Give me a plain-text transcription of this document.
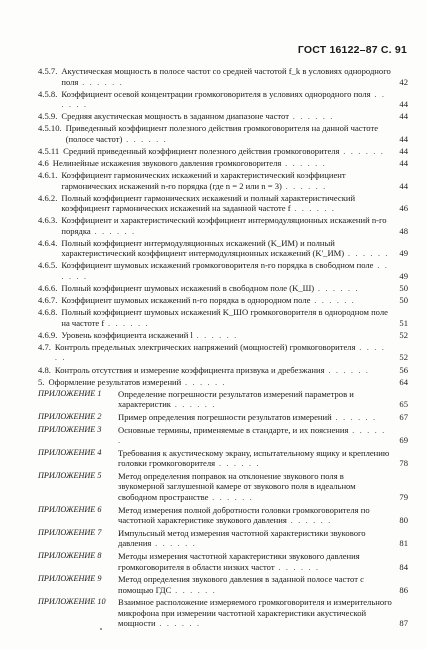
ГОСТ 16122–87 С. 91
4.5.7. Акустическая мощность в полосе частот со средней частотой f_k в условиях однородного поля . . . . . .	42
4.5.8. Коэффициент осевой концентрации громкоговорителя в условиях однородного поля . . . . . .	44
4.5.9. Средняя акустическая мощность в заданном диапазоне частот . . . . . .	44
4.5.10. Приведенный коэффициент полезного действия громкоговорителя на данной частоте (полосе частот) . . . . . .	44
4.5.11 Средний приведенный коэффициент полезного действия громкоговорителя . . . . . .	44
4.6 Нелинейные искажения звукового давления громкоговорителя . . . . . .	44
4.6.1. Коэффициент гармонических искажений и характеристический коэффициент гармонических искажений n-го порядка (где n = 2 или n = 3) . . . . . .	44
4.6.2. Полный коэффициент гармонических искажений и полный характеристический коэффициент гармонических искажений на заданной частоте f . . . . . .	46
4.6.3. Коэффициент и характеристический коэффициент интермодуляционных искажений n-го порядка . . . . . .	48
4.6.4. Полный коэффициент интермодуляционных искажений (K_ИМ) и полный характеристический коэффициент интермодуляционных искажений (K'_ИМ) . . . . . .	49
4.6.5. Коэффициент шумовых искажений громкоговорителя n-го порядка в свободном поле . . . . . .	49
4.6.6. Полный коэффициент шумовых искажений в свободном поле (K_Ш) . . . . . .	50
4.6.7. Коэффициент шумовых искажений n-го порядка в однородном поле . . . . . .	50
4.6.8. Полный коэффициент шумовых искажений K_ШО громкоговорителя в однородном поле на частоте f . . . . . .	51
4.6.9. Уровень коэффициента искажений l . . . . . .	52
4.7. Контроль предельных электрических напряжений (мощностей) громкоговорителя . . . . . .	52
4.8. Контроль отсутствия и измерение коэффициента призвука и дребезжания . . . . . .	56
5. Оформление результатов измерений . . . . . .	64
ПРИЛОЖЕНИЕ 1	Определение погрешности результатов измерений параметров и характеристик . . . . . .	65
ПРИЛОЖЕНИЕ 2	Пример определения погрешности результатов измерений . . . . . .	67
ПРИЛОЖЕНИЕ 3	Основные термины, применяемые в стандарте, и их пояснения . . . . . .	69
ПРИЛОЖЕНИЕ 4	Требования к акустическому экрану, испытательному ящику и креплению головки громкоговорителя . . . . . .	78
ПРИЛОЖЕНИЕ 5	Метод определения поправок на отклонение звукового поля в звукомерной заглушенной камере от звукового поля в идеальном свободном пространстве . . . . . .	79
ПРИЛОЖЕНИЕ 6	Метод измерения полной добротности головки громкоговорителя по частотной характеристике звукового давления . . . . . .	80
ПРИЛОЖЕНИЕ 7	Импульсный метод измерения частотной характеристики звукового давления . . . . . .	81
ПРИЛОЖЕНИЕ 8	Методы измерения частотной характеристики звукового давления громкоговорителя в области низких частот . . . . . .	84
ПРИЛОЖЕНИЕ 9	Метод определения звукового давления в заданной полосе частот с помощью ГДС . . . . . .	86
ПРИЛОЖЕНИЕ 10	Взаимное расположение измеряемого громкоговорителя и измерительного микрофона при измерении частотной характеристики акустической мощности . . . . . .	87
